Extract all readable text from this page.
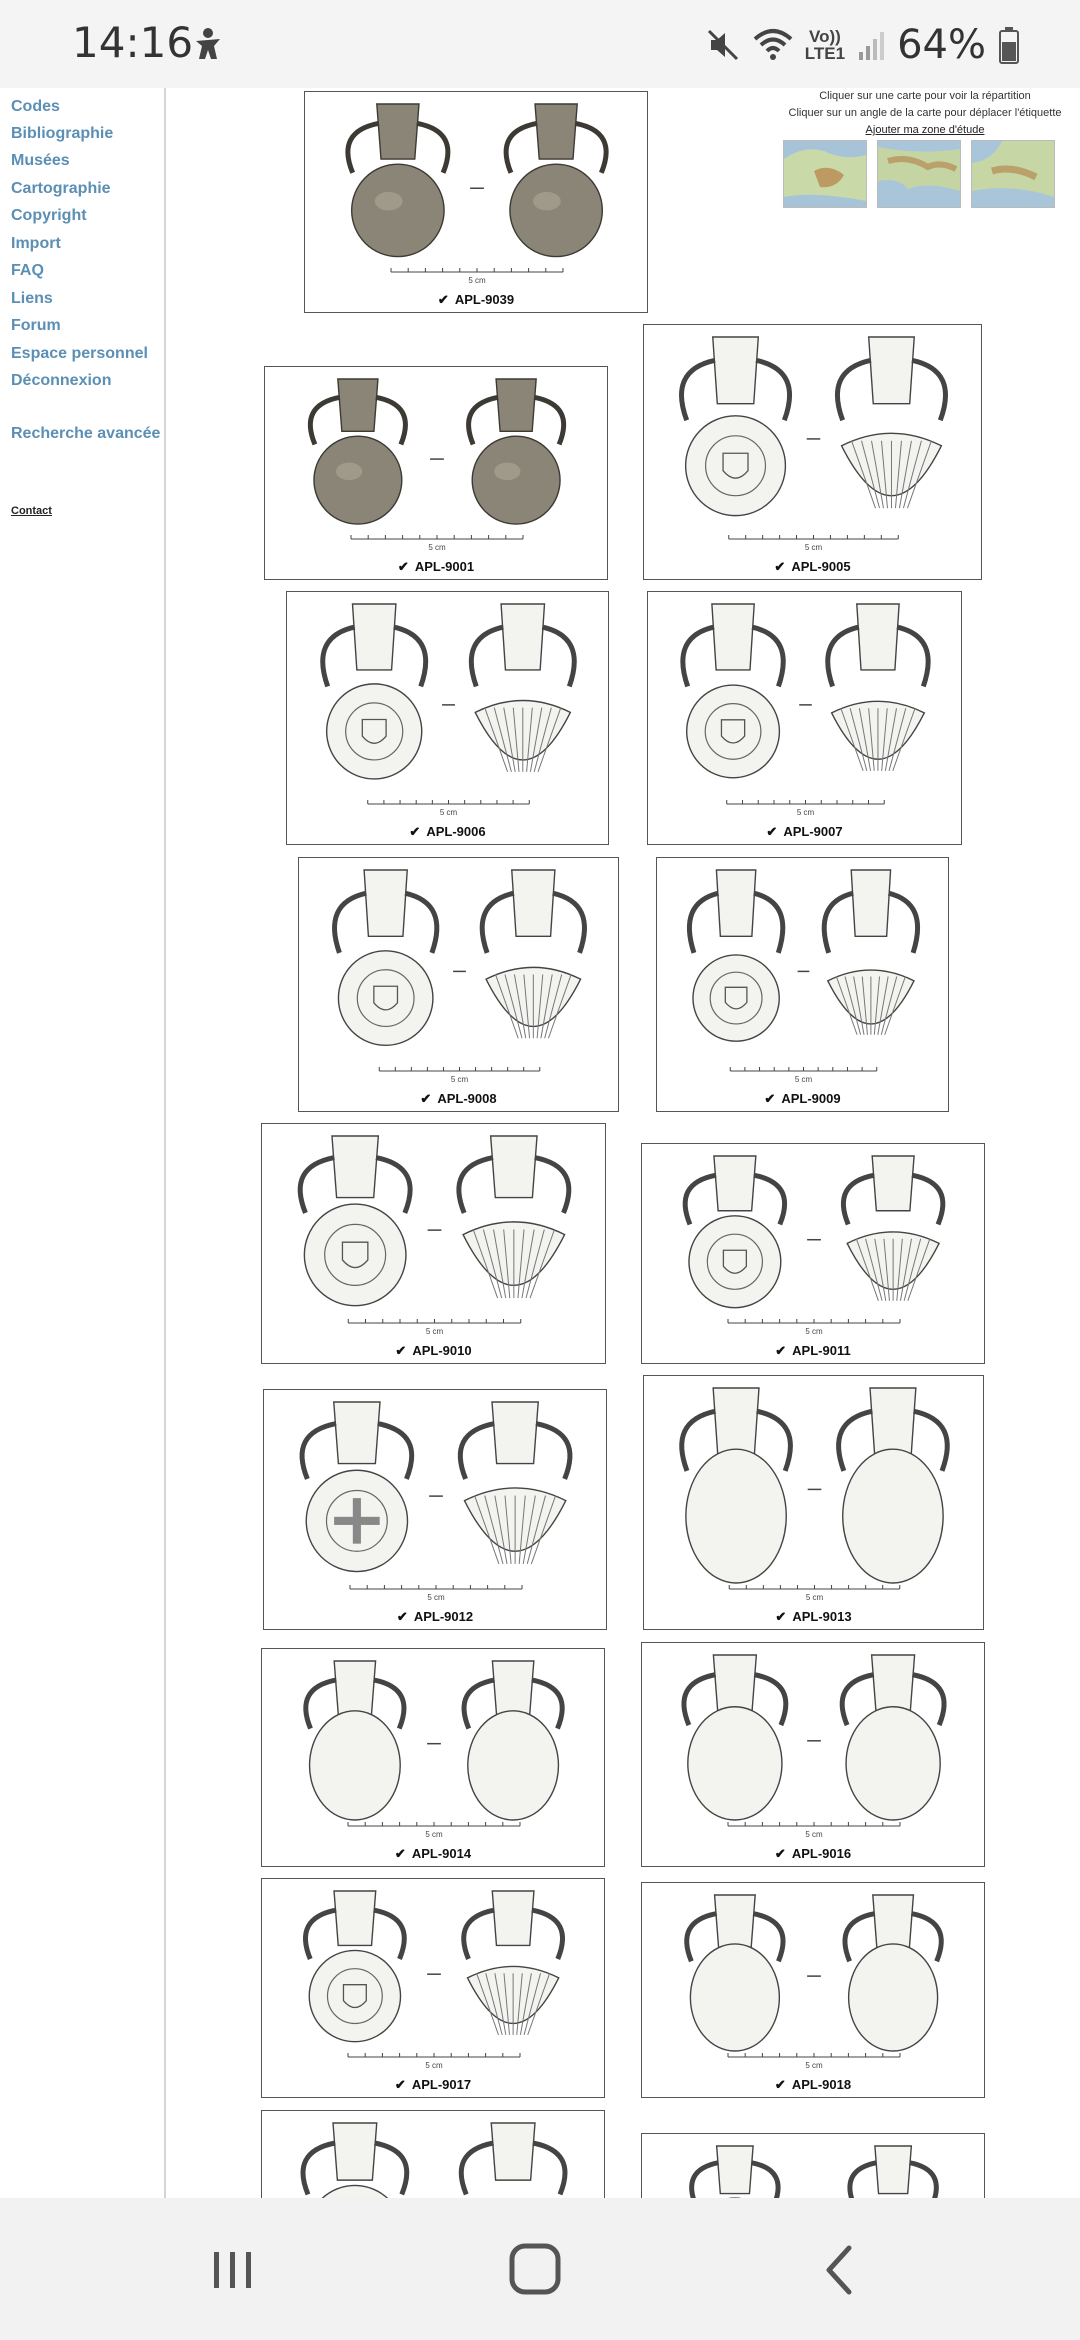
14:16	Vo))
LTE1 64%
Codes
Bibliographie
Musées
Cartographie
Copyright
Import
FAQ
Liens
Forum
Espace personnel
Déconnexion
Recherche avancée
Contact
Cliquer sur une carte pour voir la répartition
Cliquer sur un angle de la carte pour déplacer l'étiquette
Ajouter ma zone d'étude
5 cm
✔ APL-9039
5 cm
✔ APL-9001
5 cm
✔ APL-9005
5 cm
✔ APL-9006
5 cm
✔ APL-9007
5 cm
✔ APL-9008
5 cm
✔ APL-9009
5 cm
✔ APL-9010
5 cm
✔ APL-9011
5 cm
✔ APL-9012
5 cm
✔ APL-9013
5 cm
✔ APL-9014
5 cm
✔ APL-9016
5 cm
✔ APL-9017
5 cm
✔ APL-9018
